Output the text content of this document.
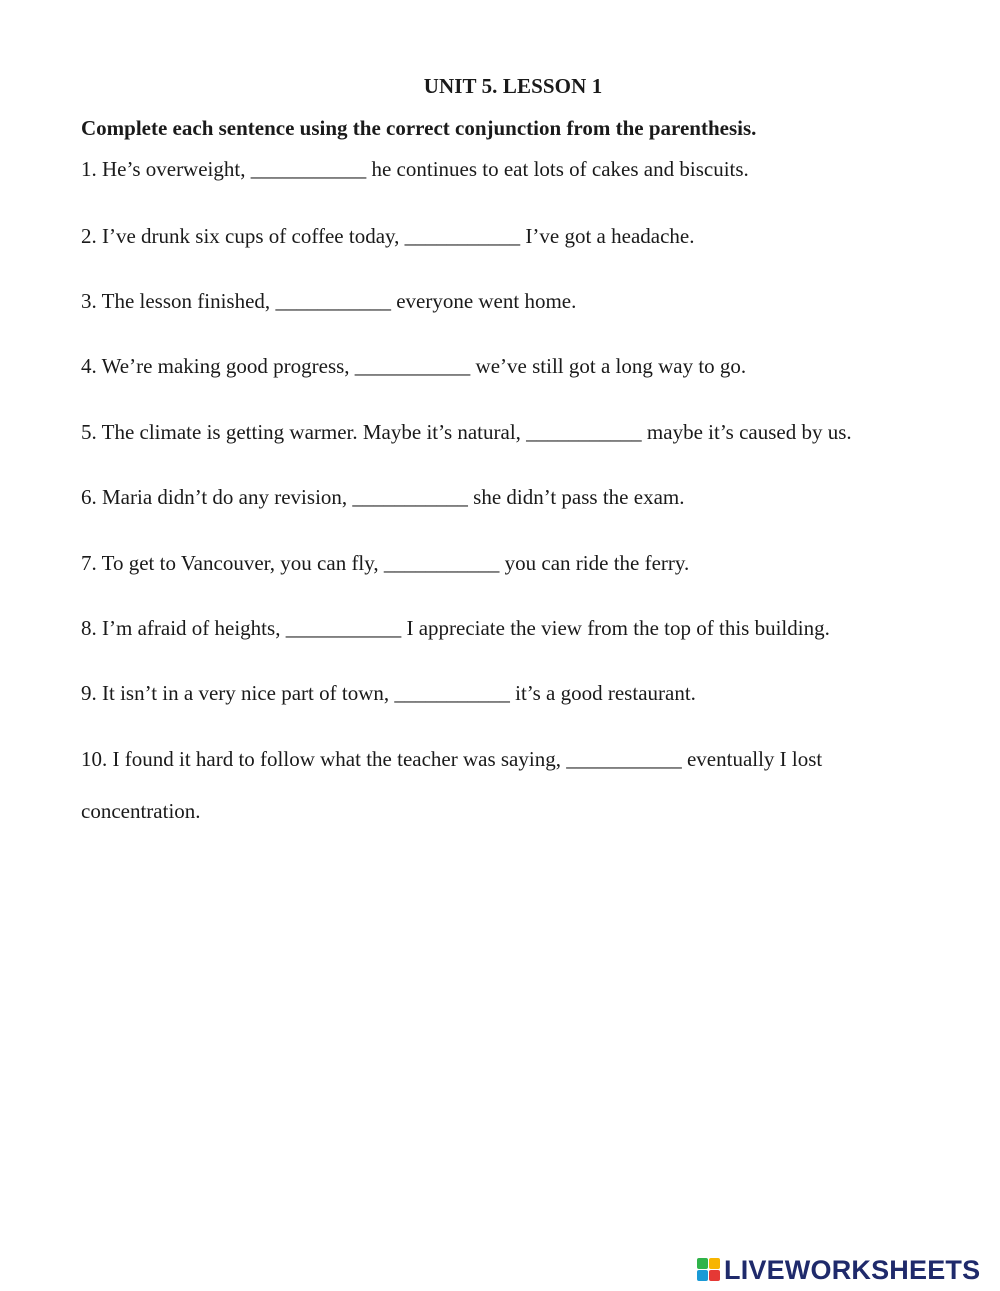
UNIT 5. LESSON 1
Complete each sentence using the correct conjunction from the parenthesis.
1. He’s overweight, ___________ he continues to eat lots of cakes and biscuits.
2. I’ve drunk six cups of coffee today, ___________ I’ve got a headache.
3. The lesson finished, ___________ everyone went home.
4. We’re making good progress, ___________ we’ve still got a long way to go.
5. The climate is getting warmer. Maybe it’s natural, ___________ maybe it’s caused by us.
6. Maria didn’t do any revision, ___________ she didn’t pass the exam.
7. To get to Vancouver, you can fly, ___________ you can ride the ferry.
8. I’m afraid of heights, ___________ I appreciate the view from the top of this building.
9. It isn’t in a very nice part of town, ___________ it’s a good restaurant.
10. I found it hard to follow what the teacher was saying, ___________ eventually I lost
concentration.
LIVEWORKSHEETS
